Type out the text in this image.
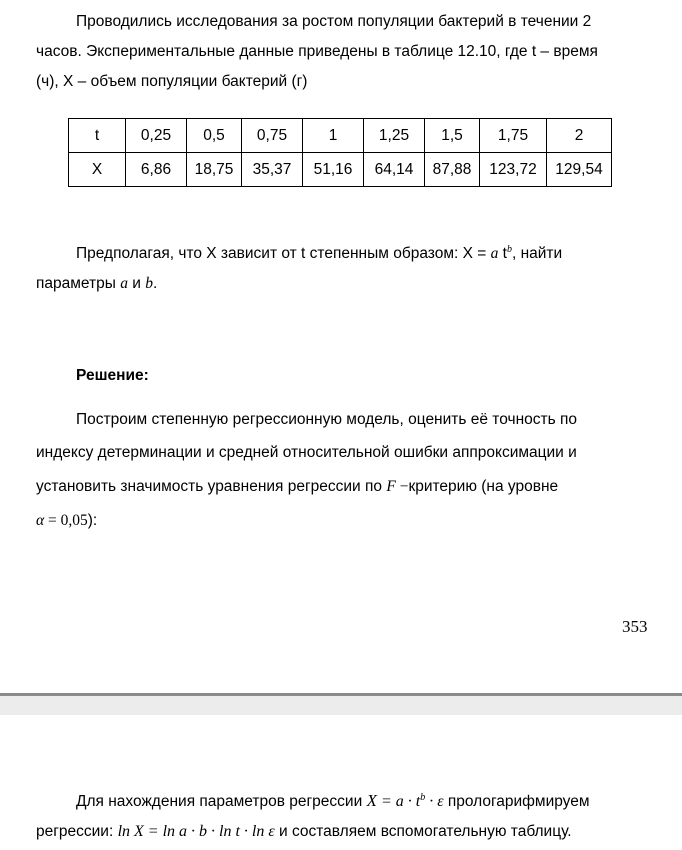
Проводились исследования за ростом популяции бактерий в течении 2
часов. Экспериментальные данные приведены в таблице 12.10, где t – время
(ч), X – объем популяции бактерий (г)
t	0,25	0,5	0,75	1	1,25	1,5	1,75	2
X	6,86	18,75	35,37	51,16	64,14	87,88	123,72	129,54
Предполагая, что X зависит от t степенным образом: X = a $t^b$, найти
параметры a и b.
Решение:
Построим степенную регрессионную модель, оценить её точность по
индексу детерминации и средней относительной ошибки аппроксимации и
установить значимость уравнения регрессии по F −критерию (на уровне
α = 0,05):
353
Для нахождения параметров регрессии $X = a \cdot t^b \cdot \varepsilon$ прологарифмируем
регрессии: ln X = ln a · b · ln t · ln ε и составляем вспомогательную таблицу.
